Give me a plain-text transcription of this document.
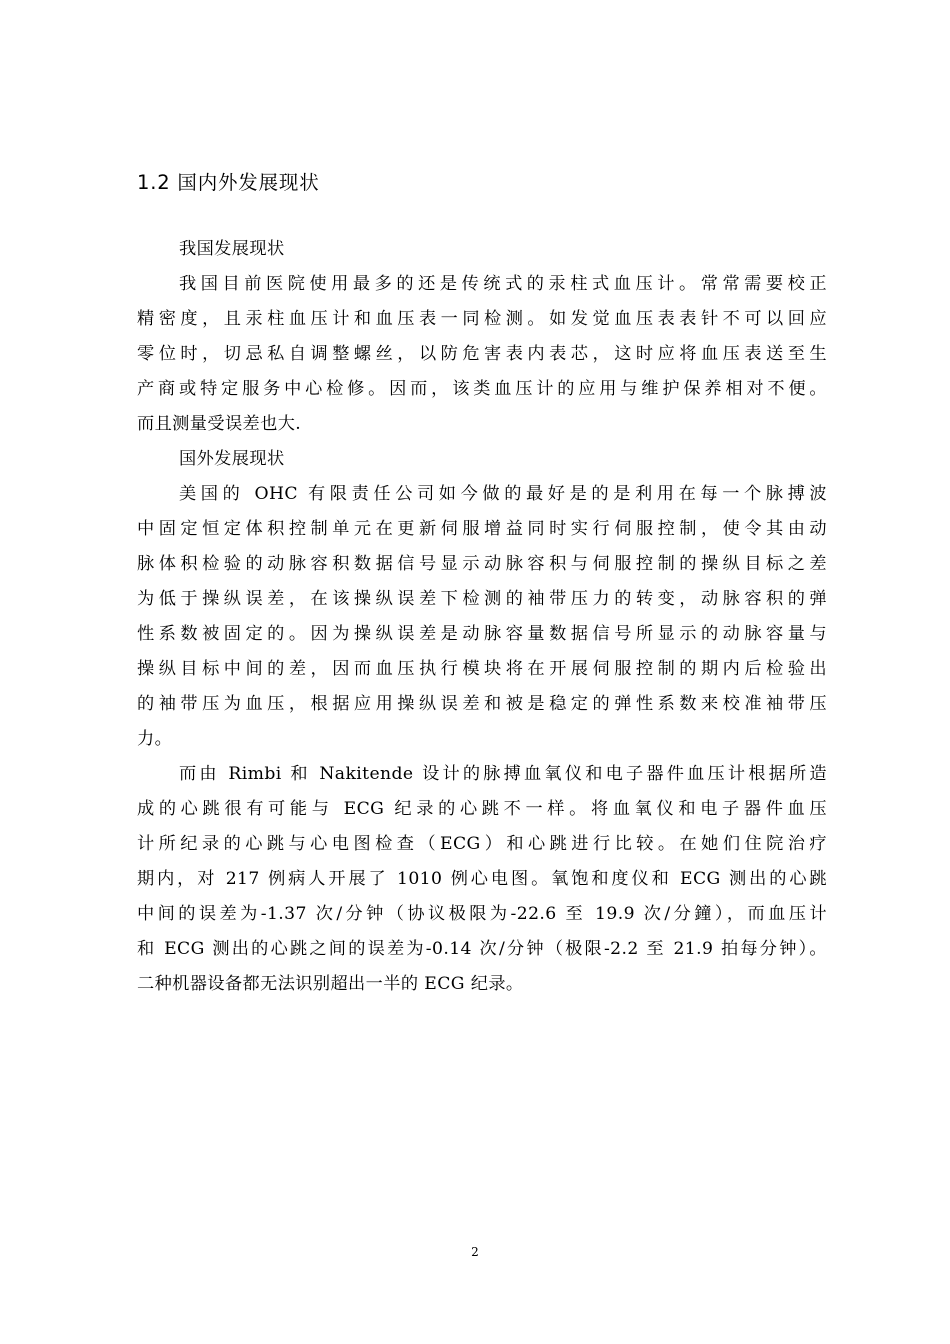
1.2 国内外发展现状
我国发展现状
我国目前医院使用最多的还是传统式的汞柱式血压计。常常需要校正
精密度，且汞柱血压计和血压表一同检测。如发觉血压表表针不可以回应
零位时，切忌私自调整螺丝，以防危害表内表芯，这时应将血压表送至生
产商或特定服务中心检修。因而，该类血压计的应用与维护保养相对不便。
而且测量受误差也大.
国外发展现状
美国的 OHC 有限责任公司如今做的最好是的是利用在每一个脉搏波
中固定恒定体积控制单元在更新伺服增益同时实行伺服控制，使令其由动
脉体积检验的动脉容积数据信号显示动脉容积与伺服控制的操纵目标之差
为低于操纵误差，在该操纵误差下检测的袖带压力的转变，动脉容积的弹
性系数被固定的。因为操纵误差是动脉容量数据信号所显示的动脉容量与
操纵目标中间的差，因而血压执行模块将在开展伺服控制的期内后检验出
的袖带压为血压，根据应用操纵误差和被是稳定的弹性系数来校准袖带压
力。
而由 Rimbi 和 Nakitende 设计的脉搏血氧仪和电子器件血压计根据所造
成的心跳很有可能与 ECG 纪录的心跳不一样。将血氧仪和电子器件血压
计所纪录的心跳与心电图检查（ECG）和心跳进行比较。在她们住院治疗
期内，对 217 例病人开展了 1010 例心电图。氧饱和度仪和 ECG 测出的心跳
中间的误差为-1.37 次/分钟（协议极限为-22.6 至 19.9 次/分鐘），而血压计
和 ECG 测出的心跳之间的误差为-0.14 次/分钟（极限-2.2 至 21.9 拍每分钟）。
二种机器设备都无法识别超出一半的 ECG 纪录。
2
